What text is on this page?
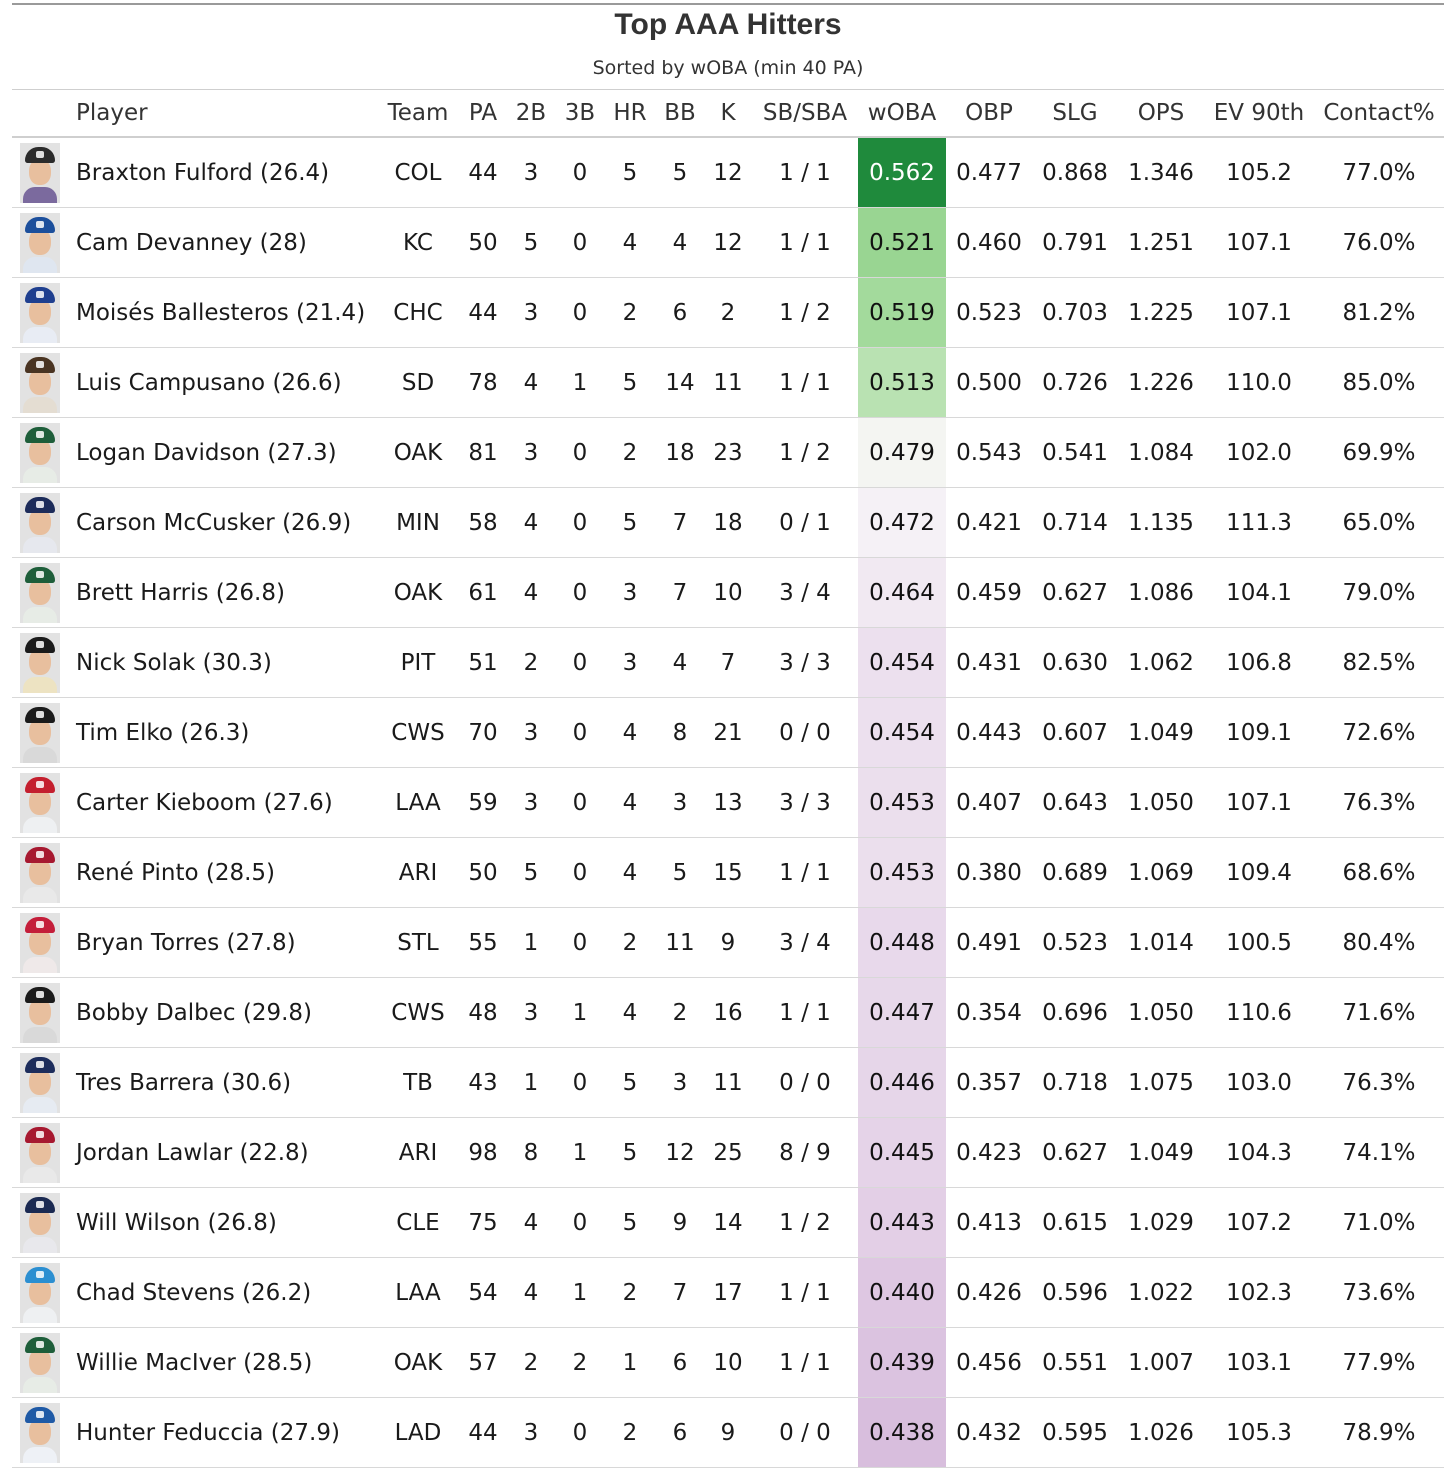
Top AAA Hitters
Sorted by wOBA (min 40 PA)
	Player	Team	PA	2B	3B	HR	BB	K	SB/SBA	wOBA	OBP	SLG	OPS	EV 90th	Contact%

	Braxton Fulford (26.4)	COL	44	3	0	5	5	12	1 / 1	0.562	0.477	0.868	1.346	105.2	77.0%

	Cam Devanney (28)	KC	50	5	0	4	4	12	1 / 1	0.521	0.460	0.791	1.251	107.1	76.0%

	Moisés Ballesteros (21.4)	CHC	44	3	0	2	6	2	1 / 2	0.519	0.523	0.703	1.225	107.1	81.2%

	Luis Campusano (26.6)	SD	78	4	1	5	14	11	1 / 1	0.513	0.500	0.726	1.226	110.0	85.0%

	Logan Davidson (27.3)	OAK	81	3	0	2	18	23	1 / 2	0.479	0.543	0.541	1.084	102.0	69.9%

	Carson McCusker (26.9)	MIN	58	4	0	5	7	18	0 / 1	0.472	0.421	0.714	1.135	111.3	65.0%

	Brett Harris (26.8)	OAK	61	4	0	3	7	10	3 / 4	0.464	0.459	0.627	1.086	104.1	79.0%

	Nick Solak (30.3)	PIT	51	2	0	3	4	7	3 / 3	0.454	0.431	0.630	1.062	106.8	82.5%

	Tim Elko (26.3)	CWS	70	3	0	4	8	21	0 / 0	0.454	0.443	0.607	1.049	109.1	72.6%

	Carter Kieboom (27.6)	LAA	59	3	0	4	3	13	3 / 3	0.453	0.407	0.643	1.050	107.1	76.3%

	René Pinto (28.5)	ARI	50	5	0	4	5	15	1 / 1	0.453	0.380	0.689	1.069	109.4	68.6%

	Bryan Torres (27.8)	STL	55	1	0	2	11	9	3 / 4	0.448	0.491	0.523	1.014	100.5	80.4%

	Bobby Dalbec (29.8)	CWS	48	3	1	4	2	16	1 / 1	0.447	0.354	0.696	1.050	110.6	71.6%

	Tres Barrera (30.6)	TB	43	1	0	5	3	11	0 / 0	0.446	0.357	0.718	1.075	103.0	76.3%

	Jordan Lawlar (22.8)	ARI	98	8	1	5	12	25	8 / 9	0.445	0.423	0.627	1.049	104.3	74.1%

	Will Wilson (26.8)	CLE	75	4	0	5	9	14	1 / 2	0.443	0.413	0.615	1.029	107.2	71.0%

	Chad Stevens (26.2)	LAA	54	4	1	2	7	17	1 / 1	0.440	0.426	0.596	1.022	102.3	73.6%

	Willie MacIver (28.5)	OAK	57	2	2	1	6	10	1 / 1	0.439	0.456	0.551	1.007	103.1	77.9%

	Hunter Feduccia (27.9)	LAD	44	3	0	2	6	9	0 / 0	0.438	0.432	0.595	1.026	105.3	78.9%
